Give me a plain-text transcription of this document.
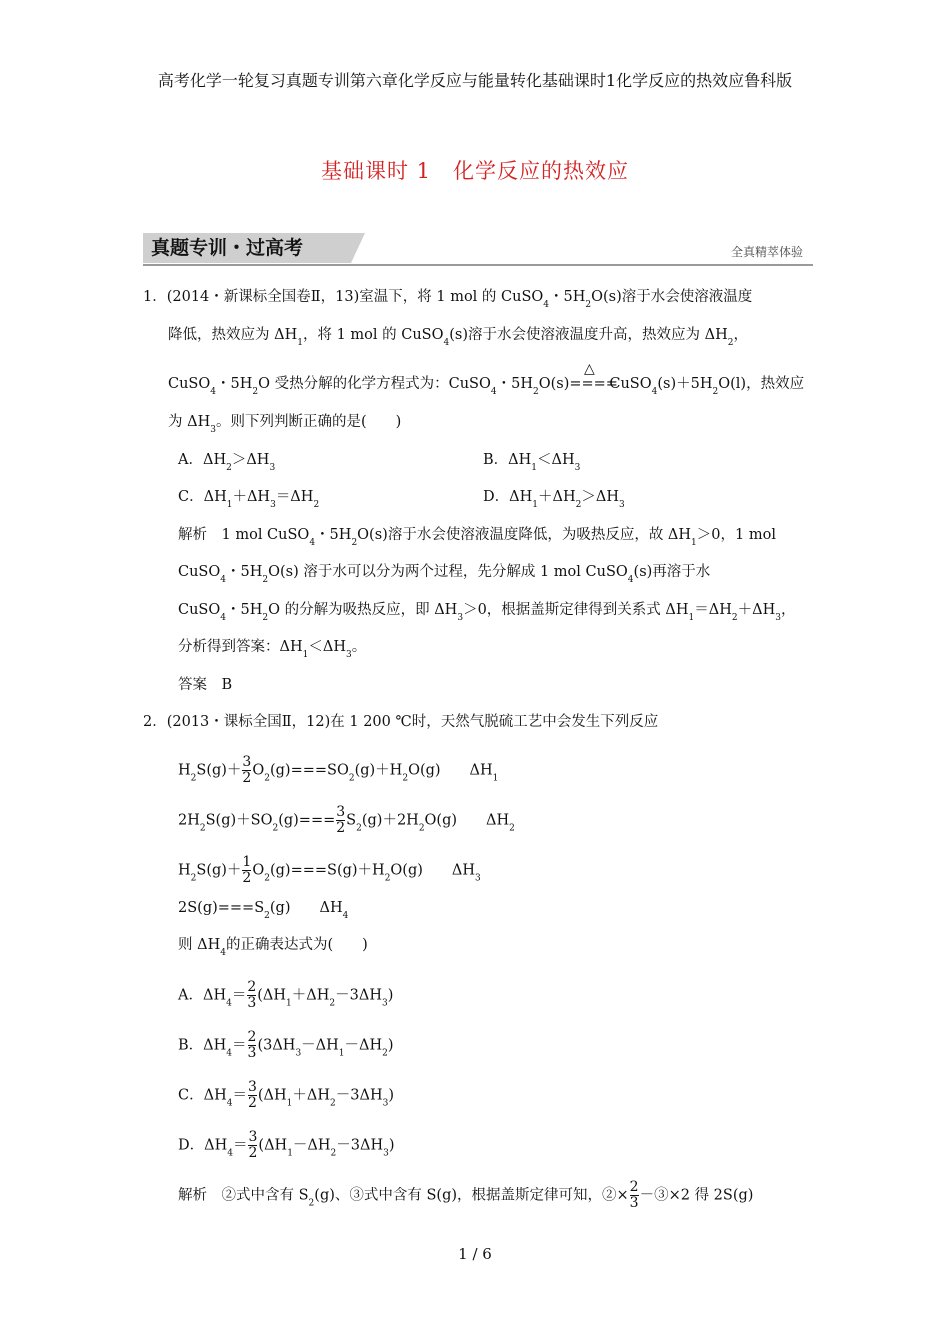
高考化学一轮复习真题专训第六章化学反应与能量转化基础课时1化学反应的热效应鲁科版
基础课时 1　化学反应的热效应
真题专训・过高考	全真精萃体验
1．(2014・新课标全国卷Ⅱ，13)室温下，将 1 mol 的 CuSO$_4$・$5H_2O(s)$溶于水会使溶液温度
降低，热效应为 $\Delta H_1$，将 1 mol 的 CuSO$_4$(s)溶于水会使溶液温度升高，热效应为 $\Delta H_2$，
CuSO$_4$・$5H_2O$ 受热分解的化学方程式为：CuSO$_4$・$5H_2O(s)$
△
$====CuSO_4(s)+5H_2O(l)$，热效应
为 $\Delta H_3$。则下列判断正确的是(　　)
A．$\Delta H_2>\Delta H_3$	B．$\Delta H_1<\Delta H_3$
C．$\Delta H_1+\Delta H_3=\Delta H_2$	D．$\Delta H_1+\Delta H_2>\Delta H_3$
解析　1 mol CuSO$_4$・$5H_2O(s)$溶于水会使溶液温度降低，为吸热反应，故 $\Delta H_1>0$，1 mol
CuSO$_4$・$5H_2O(s)$ 溶于水可以分为两个过程，先分解成 1 mol CuSO$_4$(s)再溶于水
CuSO$_4$・$5H_2O$ 的分解为吸热反应，即 $\Delta H_3>0$，根据盖斯定律得到关系式 $\Delta H_1=\Delta H_2+\Delta H_3$，
分析得到答案：$\Delta H_1<\Delta H_3$。
答案　B
2．(2013・课标全国Ⅱ，12)在 1 200 ℃时，天然气脱硫工艺中会发生下列反应
$H_2S(g)+ \frac{3}{2} O_2(g)===SO_2(g)+H_2O(g)$　　$\Delta H_1$
$2H_2S(g)+SO_2(g)=== \frac{3}{2} S_2(g)+2H_2O(g)$　　$\Delta H_2$
$H_2S(g)+ \frac{1}{2} O_2(g)===S(g)+H_2O(g)$　　$\Delta H_3$
$2S(g)===S_2(g)$　　$\Delta H_4$
则 $\Delta H_4$的正确表达式为(　　)
A．$\Delta H_4= \frac{2}{3} (\Delta H_1+\Delta H_2-3\Delta H_3)$
B．$\Delta H_4= \frac{2}{3} (3\Delta H_3-\Delta H_1-\Delta H_2)$
C．$\Delta H_4= \frac{3}{2} (\Delta H_1+\Delta H_2-3\Delta H_3)$
D．$\Delta H_4= \frac{3}{2} (\Delta H_1-\Delta H_2-3\Delta H_3)$
解析　②式中含有 $S_2(g)$、③式中含有 S(g)，根据盖斯定律可知，②× $\frac{2}{3}$ －③×2 得 2S(g)
1 / 6
